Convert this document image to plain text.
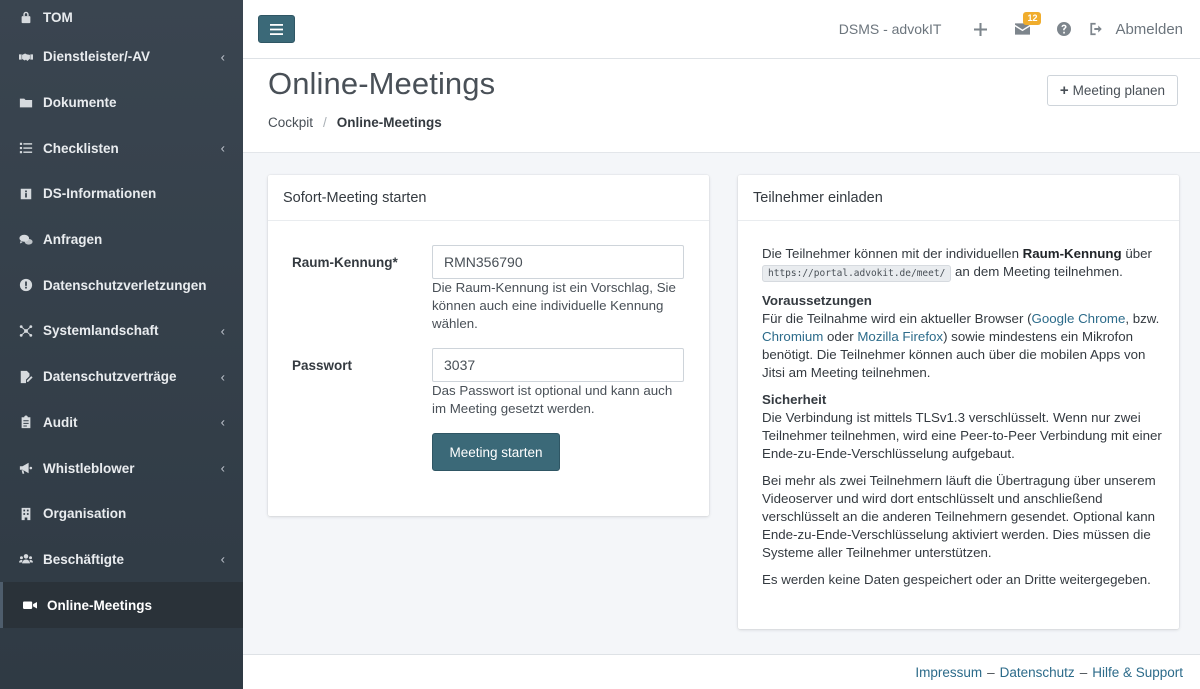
TOM
Dienstleister/-AV	‹
Dokumente
Checklisten	‹
DS-Informationen
Anfragen
Datenschutzverletzungen
Systemlandschaft	‹
Datenschutzverträge	‹
Audit	‹
Whistleblower	‹
Organisation
Beschäftigte	‹
Online-Meetings
DSMS - advokIT
12
Abmelden
Online-Meetings	+ Meeting planen
Cockpit / Online-Meetings
Sofort-Meeting starten
Raum-Kennung*
RMN356790
Die Raum-Kennung ist ein Vorschlag, Sie können auch eine individuelle Kennung wählen.
Passwort
3037
Das Passwort ist optional und kann auch im Meeting gesetzt werden.
Meeting starten
Teilnehmer einladen

Die Teilnehmer können mit der individuellen Raum-Kennung über https://portal.advokit.de/meet/ an dem Meeting teilnehmen.

Voraussetzungen
Für die Teilnahme wird ein aktueller Browser (Google Chrome, bzw. Chromium oder Mozilla Firefox) sowie mindestens ein Mikrofon benötigt. Die Teilnehmer können auch über die mobilen Apps von Jitsi am Meeting teilnehmen.

Sicherheit
Die Verbindung ist mittels TLSv1.3 verschlüsselt. Wenn nur zwei Teilnehmer teilnehmen, wird eine Peer-to-Peer Verbindung mit einer Ende-zu-Ende-Verschlüsselung aufgebaut.

Bei mehr als zwei Teilnehmern läuft die Übertragung über unserem Videoserver und wird dort entschlüsselt und anschließend verschlüsselt an die anderen Teilnehmern gesendet. Optional kann Ende-zu-Ende-Verschlüsselung aktiviert werden. Dies müssen die Systeme aller Teilnehmer unterstützen.

Es werden keine Daten gespeichert oder an Dritte weitergegeben.

Impressum – Datenschutz – Hilfe & Support
